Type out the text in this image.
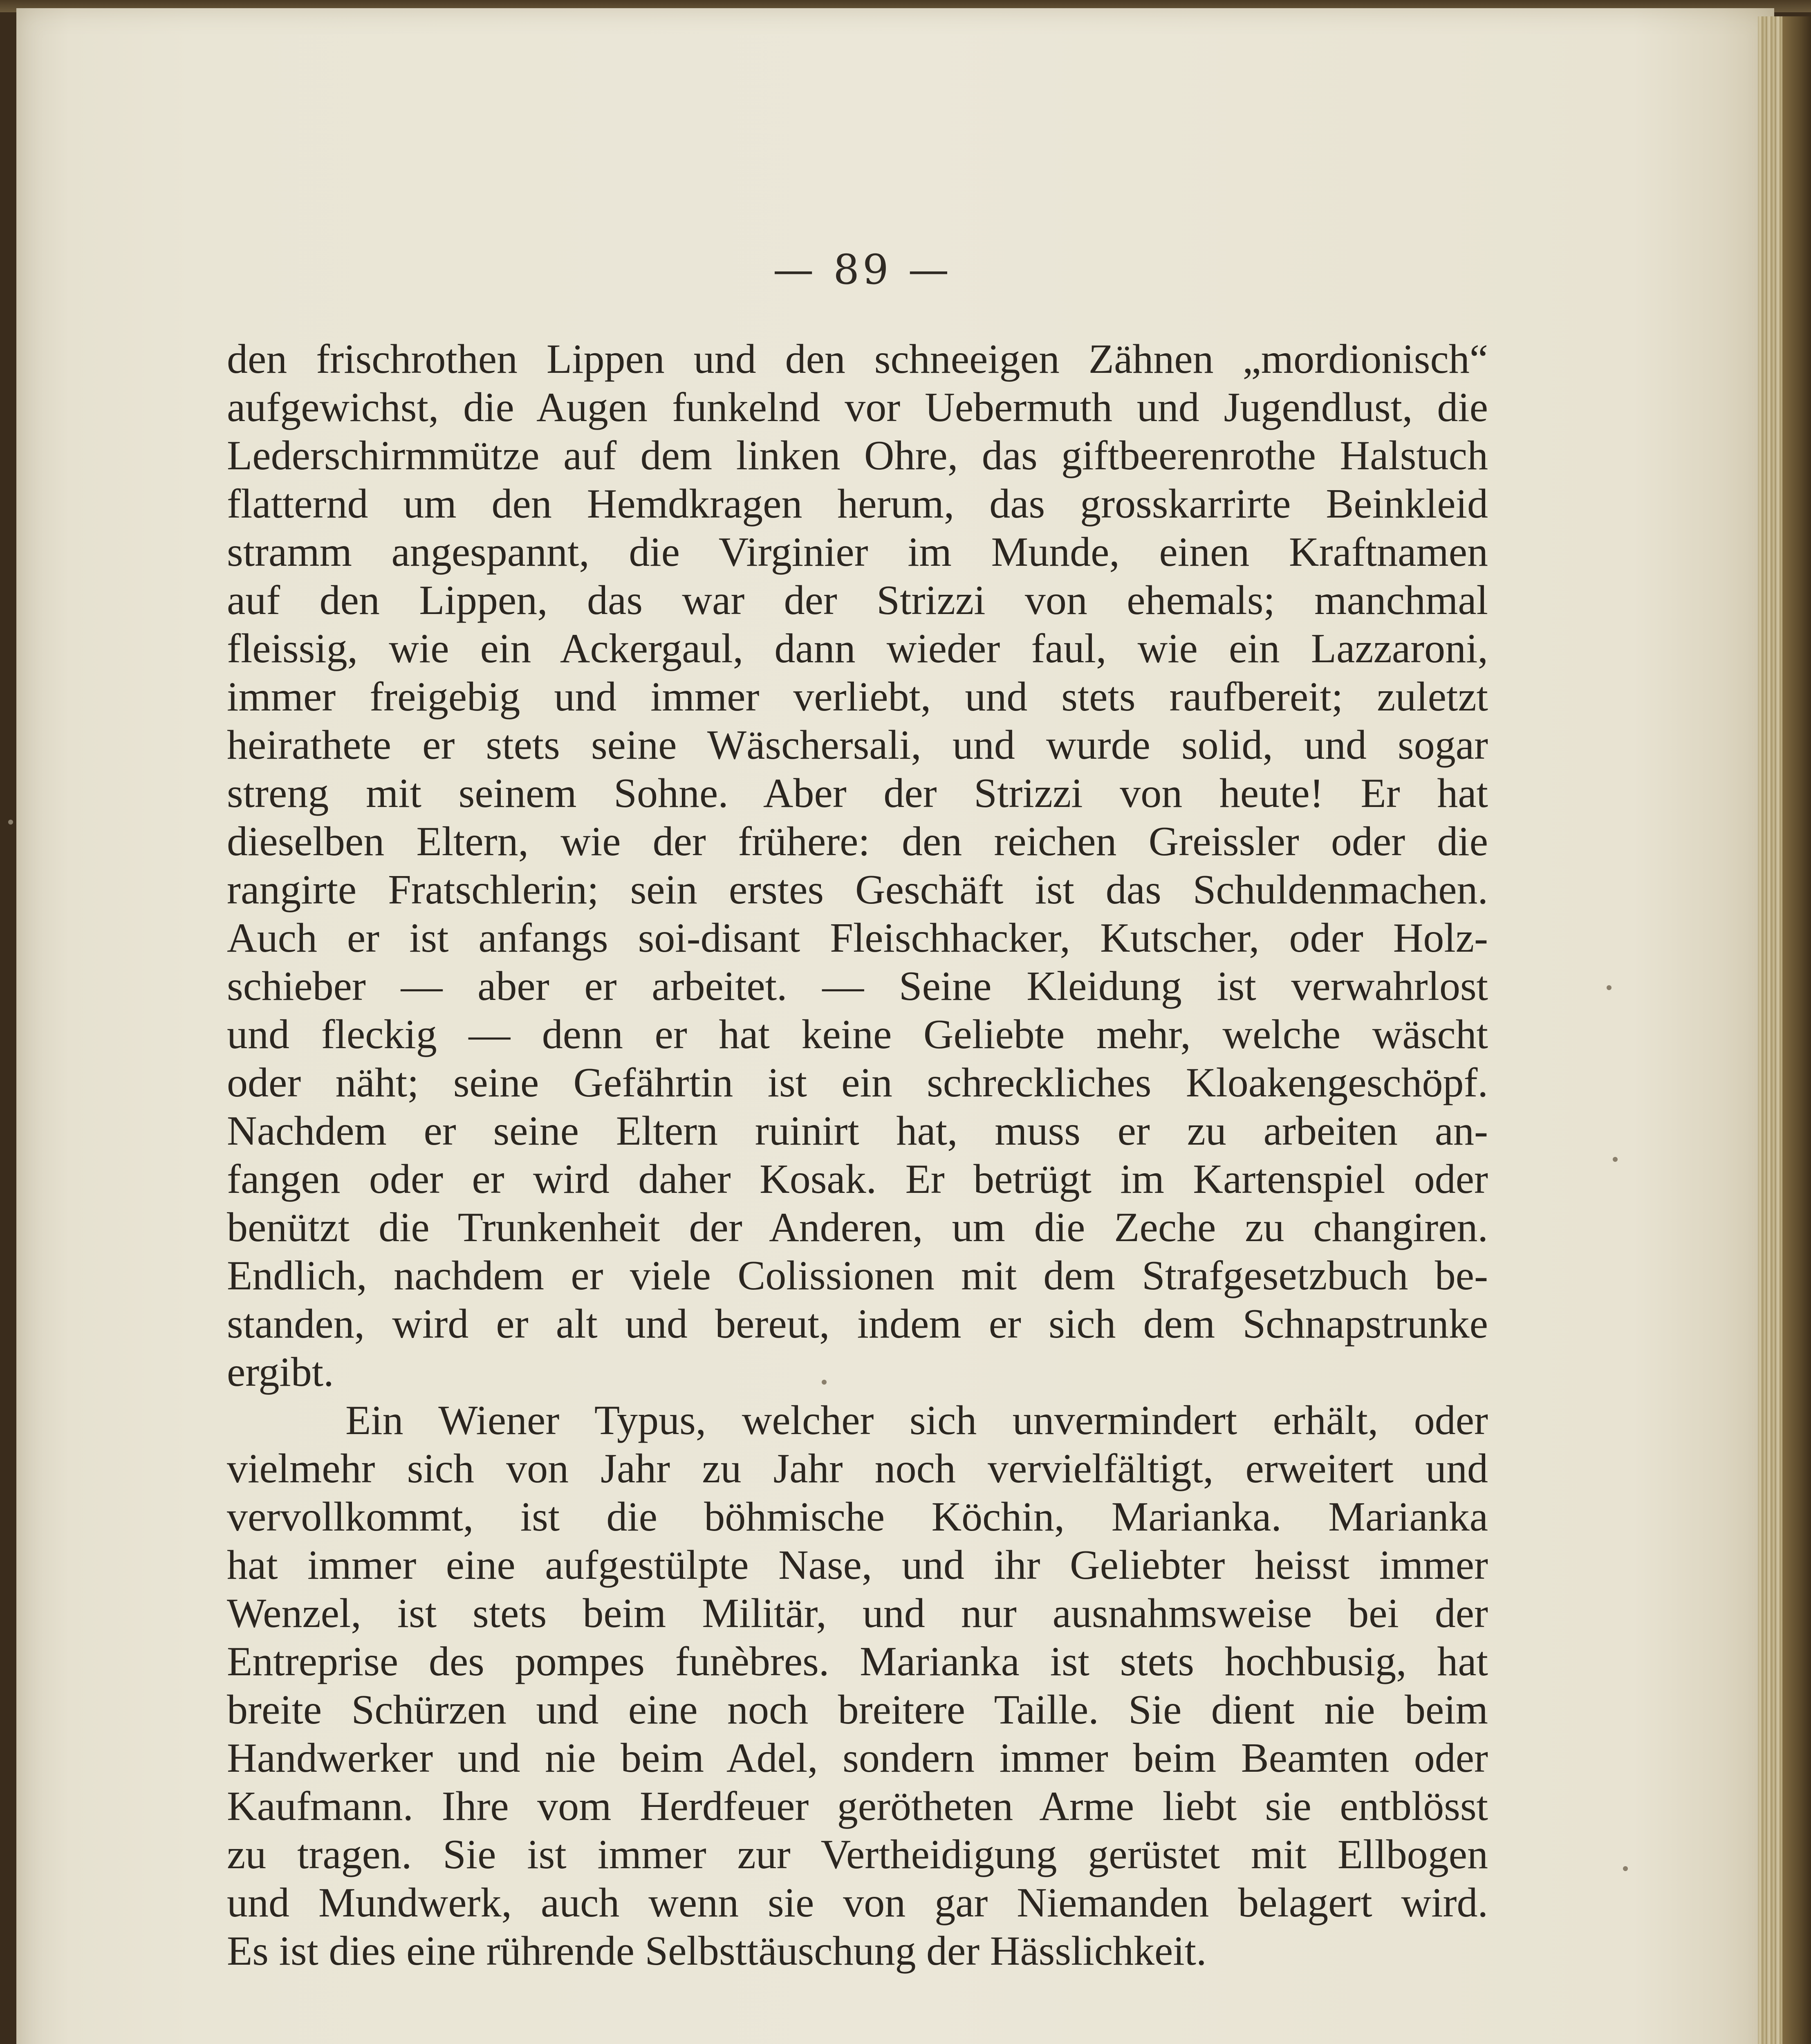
— 89 —
den frischrothen Lippen und den schneeigen Zähnen „mordionisch“
aufgewichst, die Augen funkelnd vor Uebermuth und Jugendlust, die
Lederschirmmütze auf dem linken Ohre, das giftbeerenrothe Halstuch
flatternd um den Hemdkragen herum, das grosskarrirte Beinkleid
stramm angespannt, die Virginier im Munde, einen Kraftnamen
auf den Lippen, das war der Strizzi von ehemals; manchmal
fleissig, wie ein Ackergaul, dann wieder faul, wie ein Lazzaroni,
immer freigebig und immer verliebt, und stets raufbereit; zuletzt
heirathete er stets seine Wäschersali, und wurde solid, und sogar
streng mit seinem Sohne. Aber der Strizzi von heute! Er hat
dieselben Eltern, wie der frühere: den reichen Greissler oder die
rangirte Fratschlerin; sein erstes Geschäft ist das Schuldenmachen.
Auch er ist anfangs soi-disant Fleischhacker, Kutscher, oder Holz-
schieber — aber er arbeitet. — Seine Kleidung ist verwahrlost
und fleckig — denn er hat keine Geliebte mehr, welche wäscht
oder näht; seine Gefährtin ist ein schreckliches Kloakengeschöpf.
Nachdem er seine Eltern ruinirt hat, muss er zu arbeiten an-
fangen oder er wird daher Kosak. Er betrügt im Kartenspiel oder
benützt die Trunkenheit der Anderen, um die Zeche zu changiren.
Endlich, nachdem er viele Colissionen mit dem Strafgesetzbuch be-
standen, wird er alt und bereut, indem er sich dem Schnapstrunke
ergibt.
Ein Wiener Typus, welcher sich unvermindert erhält, oder
vielmehr sich von Jahr zu Jahr noch vervielfältigt, erweitert und
vervollkommt, ist die böhmische Köchin, Marianka. Marianka
hat immer eine aufgestülpte Nase, und ihr Geliebter heisst immer
Wenzel, ist stets beim Militär, und nur ausnahmsweise bei der
Entreprise des pompes funèbres. Marianka ist stets hochbusig, hat
breite Schürzen und eine noch breitere Taille. Sie dient nie beim
Handwerker und nie beim Adel, sondern immer beim Beamten oder
Kaufmann. Ihre vom Herdfeuer gerötheten Arme liebt sie entblösst
zu tragen. Sie ist immer zur Vertheidigung gerüstet mit Ellbogen
und Mundwerk, auch wenn sie von gar Niemanden belagert wird.
Es ist dies eine rührende Selbsttäuschung der Hässlichkeit.
